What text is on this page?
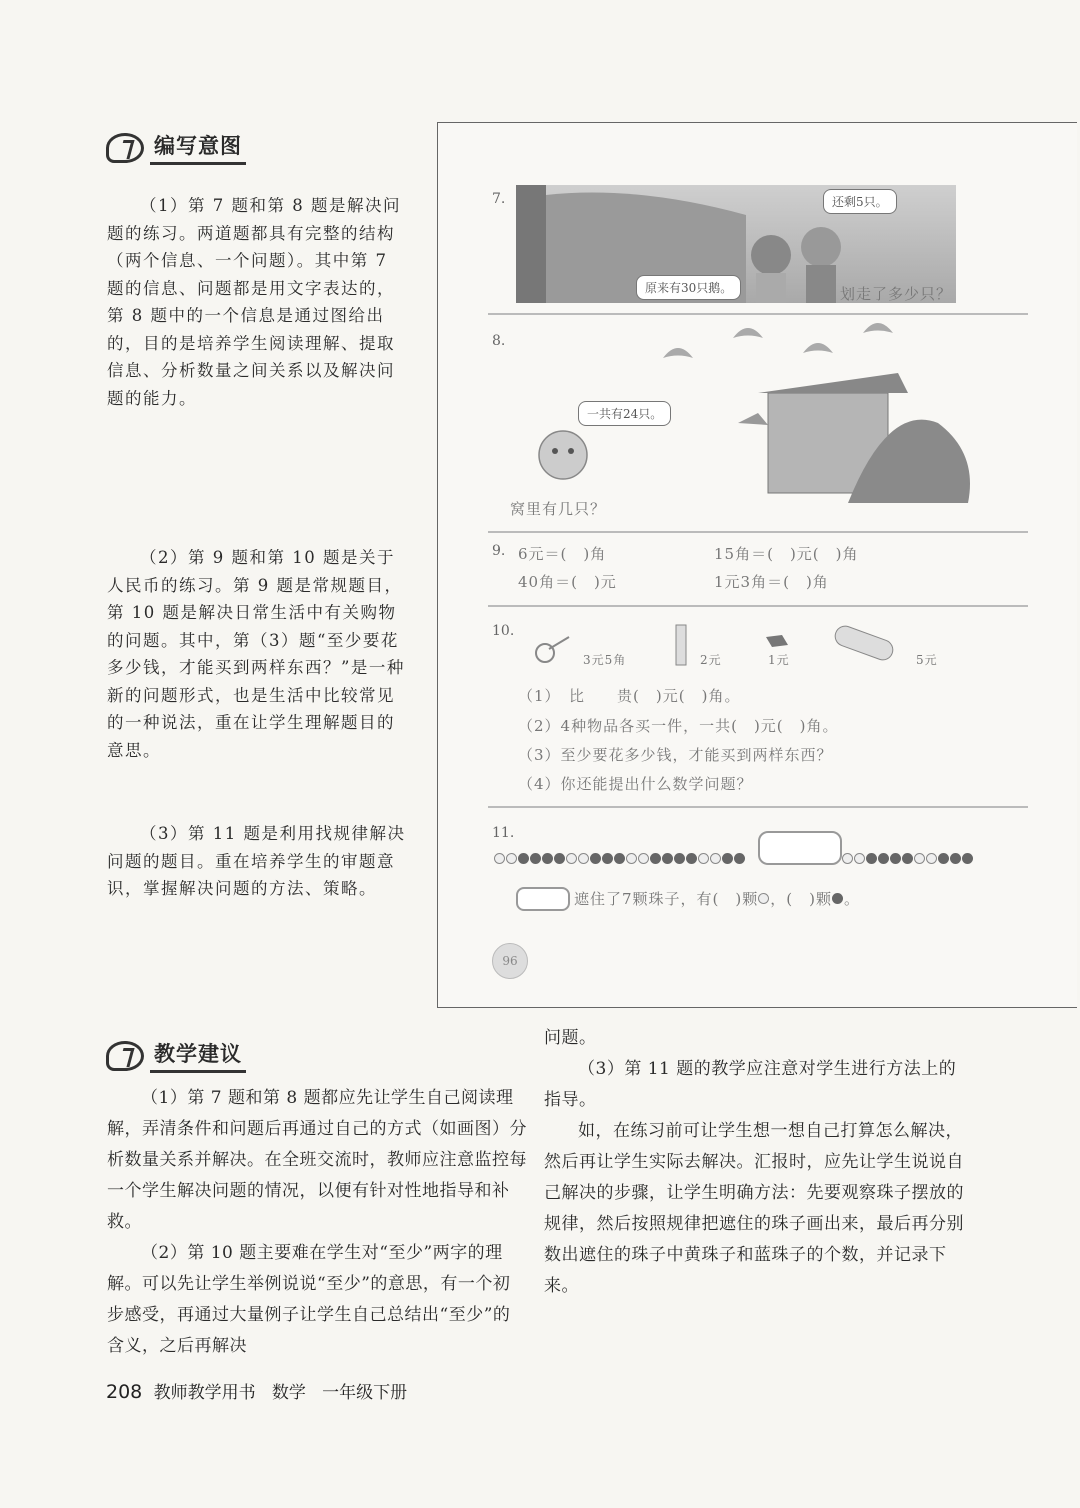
编写意图

（1）第 7 题和第 8 题是解决问题的练习。两道题都具有完整的结构（两个信息、一个问题）。其中第 7 题的信息、问题都是用文字表达的，第 8 题中的一个信息是通过图给出的，目的是培养学生阅读理解、提取信息、分析数量之间关系以及解决问题的能力。

（2）第 9 题和第 10 题是关于人民币的练习。第 9 题是常规题目，第 10 题是解决日常生活中有关购物的问题。其中，第（3）题“至少要花多少钱，才能买到两样东西？”是一种新的问题形式，也是生活中比较常见的一种说法，重在让学生理解题目的意思。

（3）第 11 题是利用找规律解决问题的题目。重在培养学生的审题意识，掌握解决问题的方法、策略。

7.	还剩5只。
原来有30只鹅。	划走了多少只？
8.
一共有24只。
窝里有几只？
9. 6元＝(　)角	15角＝(　)元(　)角
40角＝(　)元	1元3角＝(　)角
10.
3元5角	2元	1元	5元
（1）　比　　贵(　)元(　)角。
（2）4种物品各买一件，一共(　)元(　)角。
（3）至少要花多少钱，才能买到两样东西？
（4）你还能提出什么数学问题？
11.
遮住了7颗珠子，有(　)颗 ，(　)颗 。
96
教学建议

（1）第 7 题和第 8 题都应先让学生自己阅读理解，弄清条件和问题后再通过自己的方式（如画图）分析数量关系并解决。在全班交流时，教师应注意监控每一个学生解决问题的情况，以便有针对性地指导和补救。

（2）第 10 题主要难在学生对“至少”两字的理解。可以先让学生举例说说“至少”的意思，有一个初步感受，再通过大量例子让学生自己总结出“至少”的含义，之后再解决

问题。

（3）第 11 题的教学应注意对学生进行方法上的指导。

如，在练习前可让学生想一想自己打算怎么解决，然后再让学生实际去解决。汇报时，应先让学生说说自己解决的步骤，让学生明确方法：先要观察珠子摆放的规律，然后按照规律把遮住的珠子画出来，最后再分别数出遮住的珠子中黄珠子和蓝珠子的个数，并记录下来。

208 教师教学用书 数学 一年级下册
